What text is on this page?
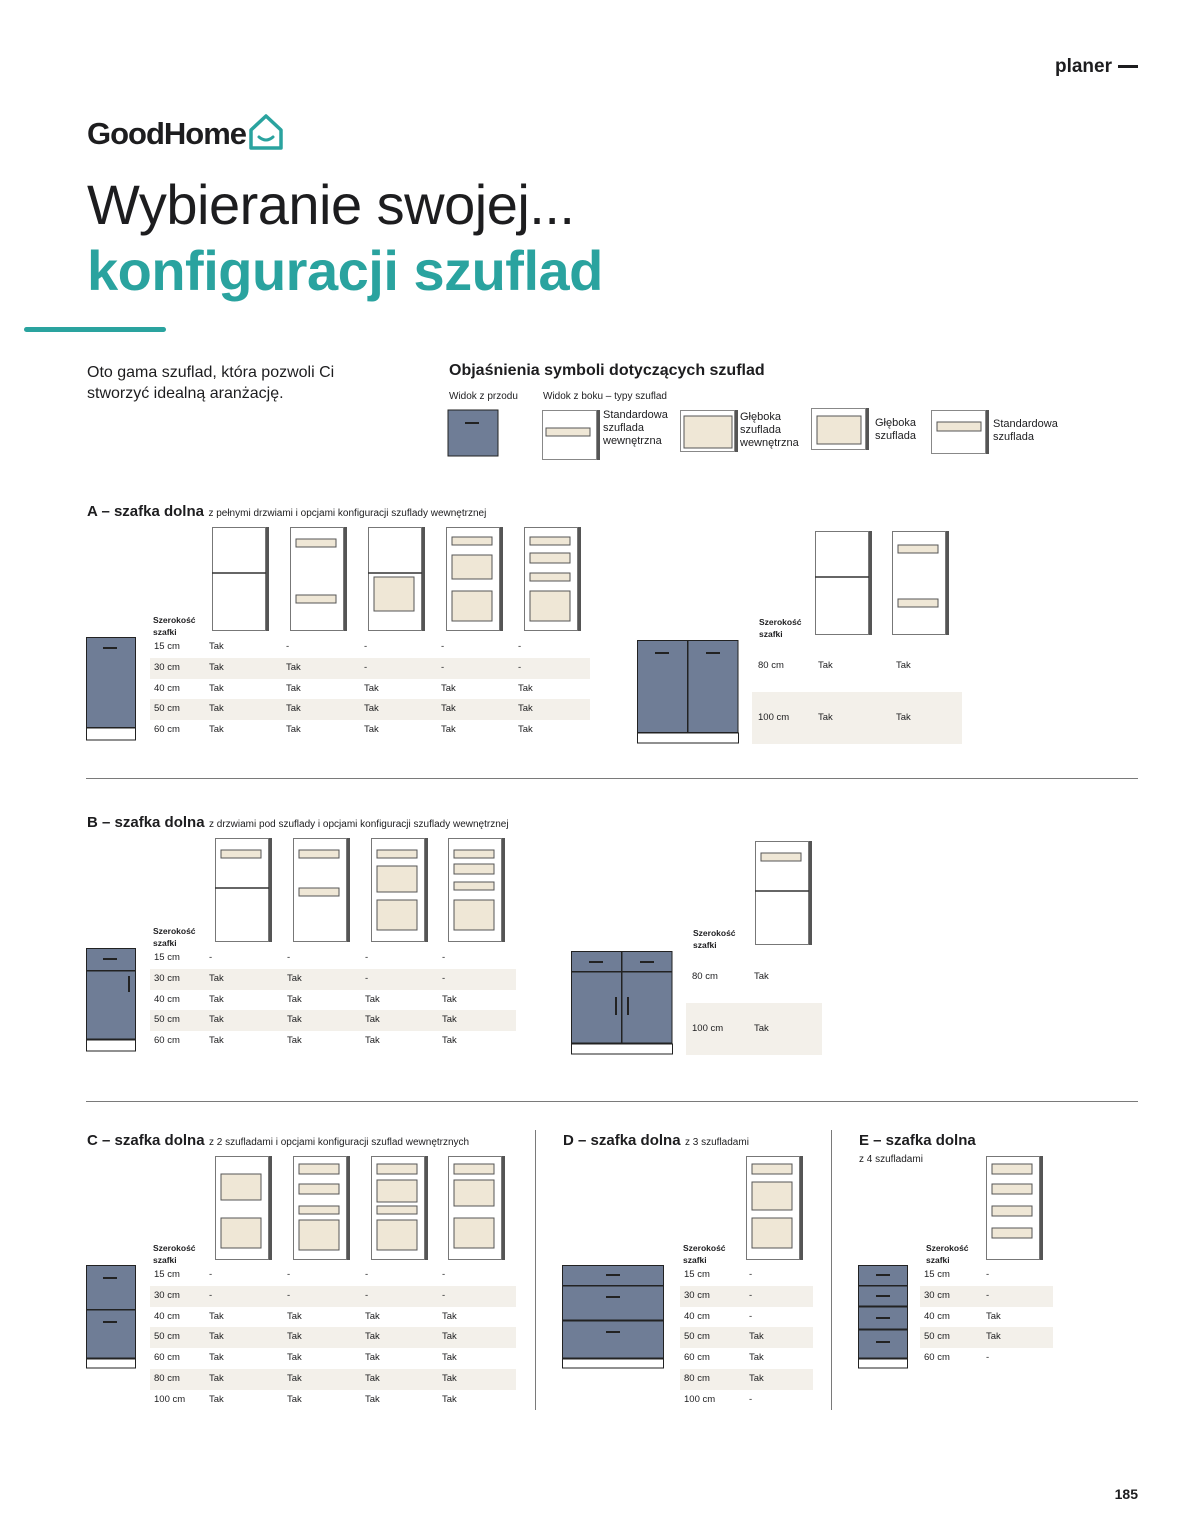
planer
GoodHome
Wybieranie swojej...
konfiguracji szuflad
Oto gama szuflad, która pozwoli Ci stworzyć idealną aranżację.
Objaśnienia symboli dotyczących szuflad
Widok z przodu	Widok z boku – typy szuflad
Standardowa szuflada wewnętrzna
Głęboka szuflada wewnętrzna
Głęboka szuflada
Standardowa szuflada
A – szafka dolna z pełnymi drzwiami i opcjami konfiguracji szuflady wewnętrznej
Szerokość szafki
15 cm	Tak	-	-	-	-
30 cm	Tak	Tak	-	-	-
40 cm	Tak	Tak	Tak	Tak	Tak
50 cm	Tak	Tak	Tak	Tak	Tak
60 cm	Tak	Tak	Tak	Tak	Tak
Szerokość szafki
80 cm	Tak	Tak
100 cm	Tak	Tak
B – szafka dolna z drzwiami pod szuflady i opcjami konfiguracji szuflady wewnętrznej
Szerokość szafki
15 cm	-	-	-	-
30 cm	Tak	Tak	-	-
40 cm	Tak	Tak	Tak	Tak
50 cm	Tak	Tak	Tak	Tak
60 cm	Tak	Tak	Tak	Tak
Szerokość szafki
80 cm	Tak
100 cm	Tak
C – szafka dolna z 2 szufladami i opcjami konfiguracji szuflad wewnętrznych
Szerokość szafki
15 cm	-	-	-	-
30 cm	-	-	-	-
40 cm	Tak	Tak	Tak	Tak
50 cm	Tak	Tak	Tak	Tak
60 cm	Tak	Tak	Tak	Tak
80 cm	Tak	Tak	Tak	Tak
100 cm	Tak	Tak	Tak	Tak
D – szafka dolna z 3 szufladami
Szerokość szafki
15 cm	-
30 cm	-
40 cm	-
50 cm	Tak
60 cm	Tak
80 cm	Tak
100 cm	-
E – szafka dolna
z 4 szufladami
Szerokość szafki
15 cm	-
30 cm	-
40 cm	Tak
50 cm	Tak
60 cm	-
185
